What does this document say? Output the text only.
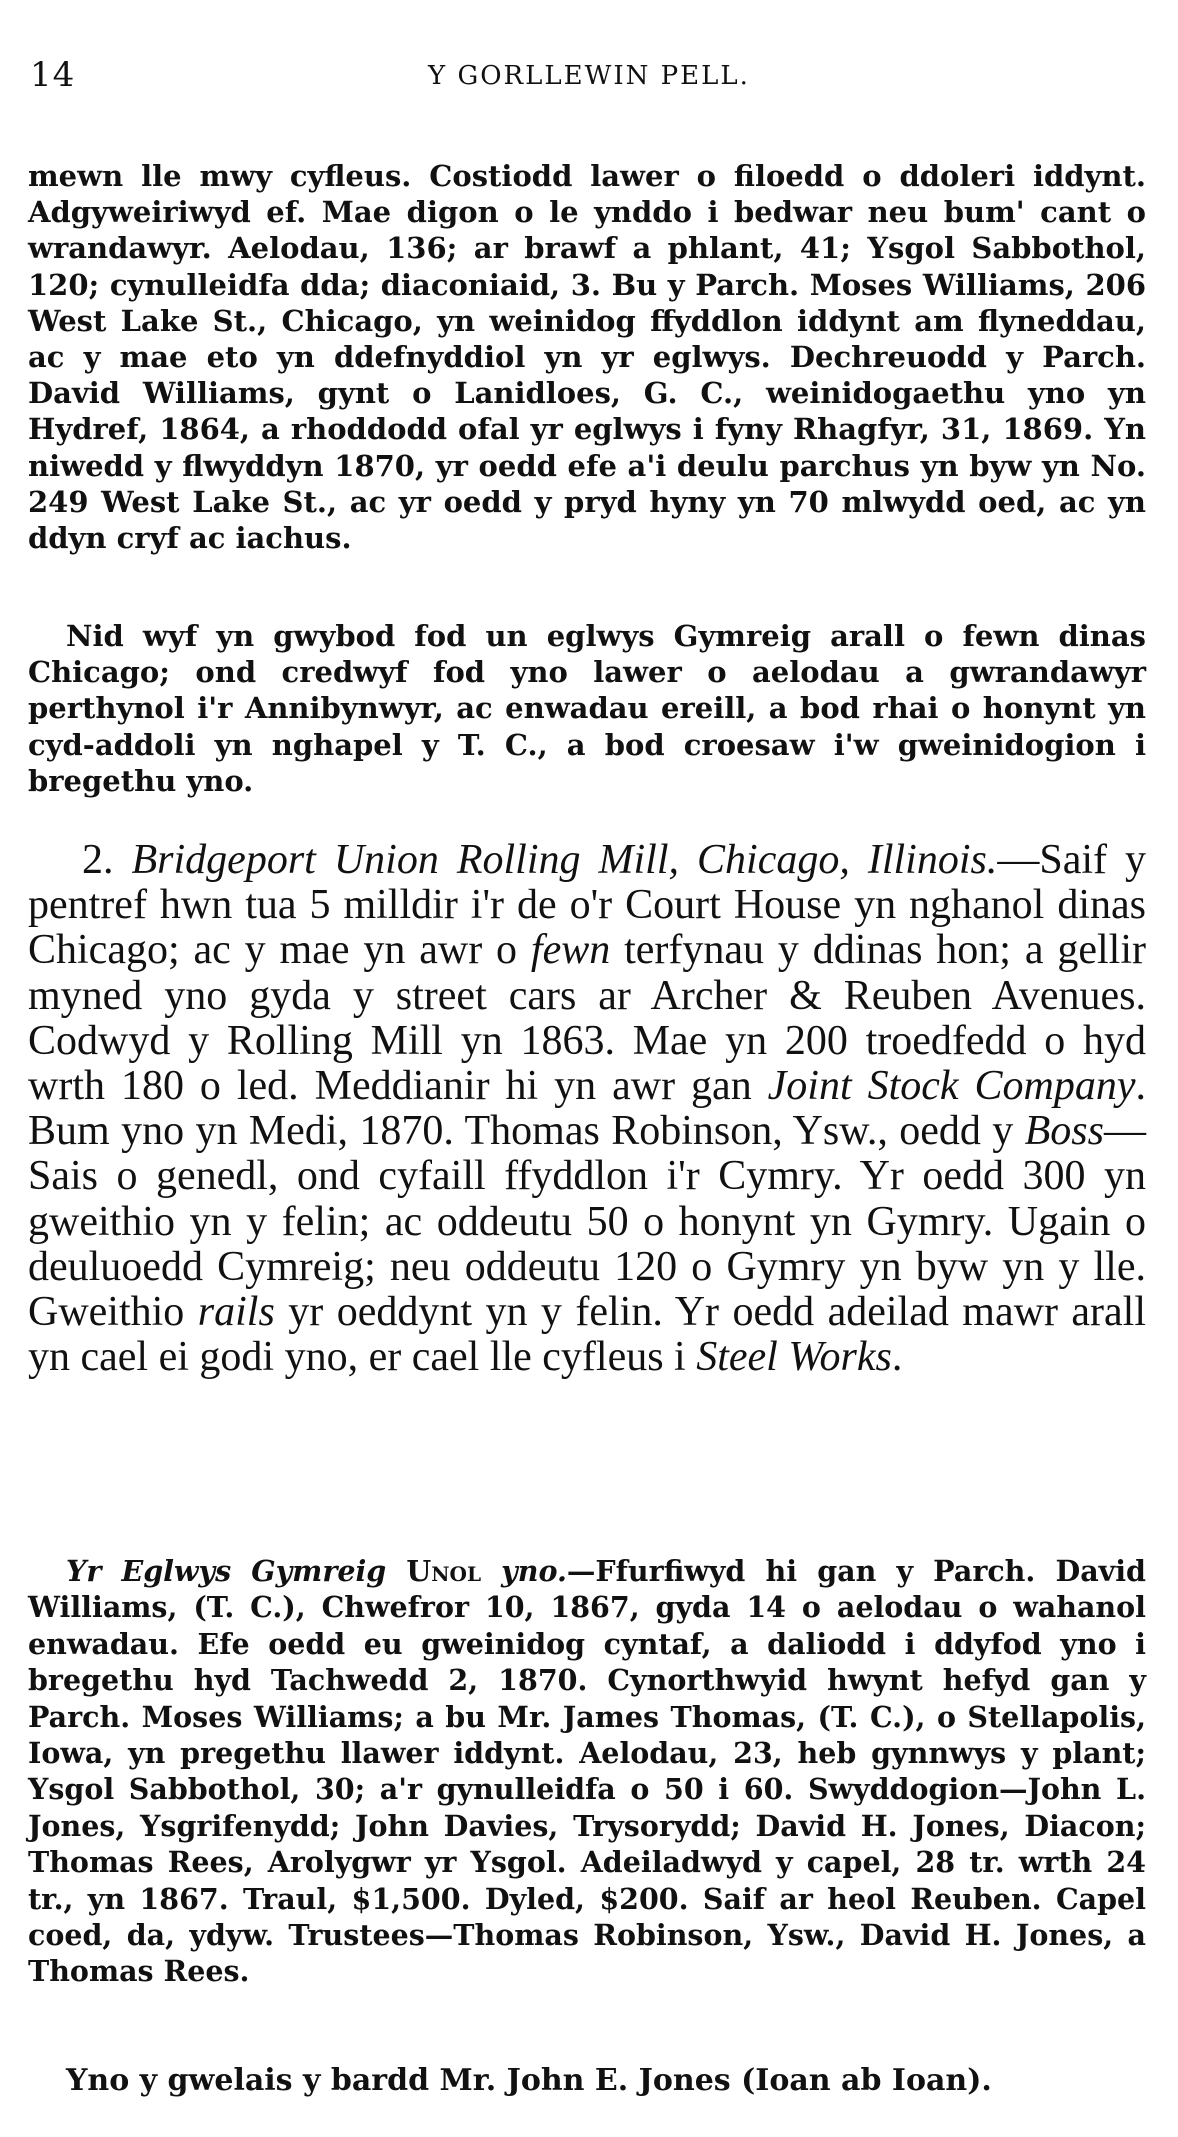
14	Y GORLLEWIN PELL.

mewn lle mwy cyfleus. Costiodd lawer o filoedd o ddoleri iddynt. Adgyweiriwyd ef. Mae digon o le ynddo i bedwar neu bum' cant o wrandawyr. Aelodau, 136; ar brawf a phlant, 41; Ysgol Sabbothol, 120; cynulleidfa dda; diaconiaid, 3. Bu y Parch. Moses Williams, 206 West Lake St., Chicago, yn weinidog ffyddlon iddynt am flyneddau, ac y mae eto yn ddefnyddiol yn yr eglwys. Dechreuodd y Parch. David Williams, gynt o Lanidloes, G. C., weinidogaethu yno yn Hydref, 1864, a rhoddodd ofal yr eglwys i fyny Rhagfyr, 31, 1869. Yn niwedd y flwyddyn 1870, yr oedd efe a'i deulu parchus yn byw yn No. 249 West Lake St., ac yr oedd y pryd hyny yn 70 mlwydd oed, ac yn ddyn cryf ac iachus.

Nid wyf yn gwybod fod un eglwys Gymreig arall o fewn dinas Chicago; ond credwyf fod yno lawer o aelodau a gwrandawyr perthynol i'r Annibynwyr, ac enwadau ereill, a bod rhai o honynt yn cyd-addoli yn nghapel y T. C., a bod croesaw i'w gweinidogion i bregethu yno.

2. Bridgeport Union Rolling Mill, Chicago, Illinois.—Saif y pentref hwn tua 5 milldir i'r de o'r Court House yn nghanol dinas Chicago; ac y mae yn awr o fewn terfynau y ddinas hon; a gellir myned yno gyda y street cars ar Archer & Reuben Avenues. Codwyd y Rolling Mill yn 1863. Mae yn 200 troedfedd o hyd wrth 180 o led. Meddianir hi yn awr gan Joint Stock Company. Bum yno yn Medi, 1870. Thomas Robinson, Ysw., oedd y Boss—Sais o genedl, ond cyfaill ffyddlon i'r Cymry. Yr oedd 300 yn gweithio yn y felin; ac oddeutu 50 o honynt yn Gymry. Ugain o deuluoedd Cymreig; neu oddeutu 120 o Gymry yn byw yn y lle. Gweithio rails yr oeddynt yn y felin. Yr oedd adeilad mawr arall yn cael ei godi yno, er cael lle cyfleus i Steel Works.

Yr Eglwys Gymreig Unol yno.—Ffurfiwyd hi gan y Parch. David Williams, (T. C.), Chwefror 10, 1867, gyda 14 o aelodau o wahanol enwadau. Efe oedd eu gweinidog cyntaf, a daliodd i ddyfod yno i bregethu hyd Tachwedd 2, 1870. Cynorthwyid hwynt hefyd gan y Parch. Moses Williams; a bu Mr. James Thomas, (T. C.), o Stellapolis, Iowa, yn pregethu llawer iddynt. Aelodau, 23, heb gynnwys y plant; Ysgol Sabbothol, 30; a'r gynulleidfa o 50 i 60. Swyddogion—John L. Jones, Ysgrifenydd; John Davies, Trysorydd; David H. Jones, Diacon; Thomas Rees, Arolygwr yr Ysgol. Adeiladwyd y capel, 28 tr. wrth 24 tr., yn 1867. Traul, $1,500. Dyled, $200. Saif ar heol Reuben. Capel coed, da, ydyw. Trustees—Thomas Robinson, Ysw., David H. Jones, a Thomas Rees.

Yno y gwelais y bardd Mr. John E. Jones (Ioan ab Ioan).
